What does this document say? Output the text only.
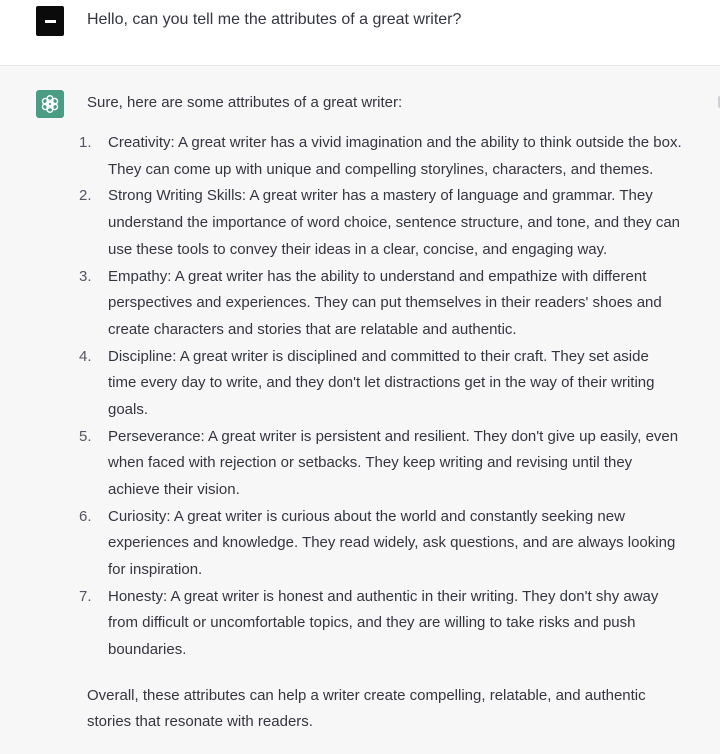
Hello, can you tell me the attributes of a great writer?

Sure, here are some attributes of a great writer:

1. Creativity: A great writer has a vivid imagination and the ability to think outside the box.
They can come up with unique and compelling storylines, characters, and themes.
2. Strong Writing Skills: A great writer has a mastery of language and grammar. They
understand the importance of word choice, sentence structure, and tone, and they can
use these tools to convey their ideas in a clear, concise, and engaging way.
3. Empathy: A great writer has the ability to understand and empathize with different
perspectives and experiences. They can put themselves in their readers' shoes and
create characters and stories that are relatable and authentic.
4. Discipline: A great writer is disciplined and committed to their craft. They set aside
time every day to write, and they don't let distractions get in the way of their writing
goals.
5. Perseverance: A great writer is persistent and resilient. They don't give up easily, even
when faced with rejection or setbacks. They keep writing and revising until they
achieve their vision.
6. Curiosity: A great writer is curious about the world and constantly seeking new
experiences and knowledge. They read widely, ask questions, and are always looking
for inspiration.
7. Honesty: A great writer is honest and authentic in their writing. They don't shy away
from difficult or uncomfortable topics, and they are willing to take risks and push
boundaries.

Overall, these attributes can help a writer create compelling, relatable, and authentic
stories that resonate with readers.
